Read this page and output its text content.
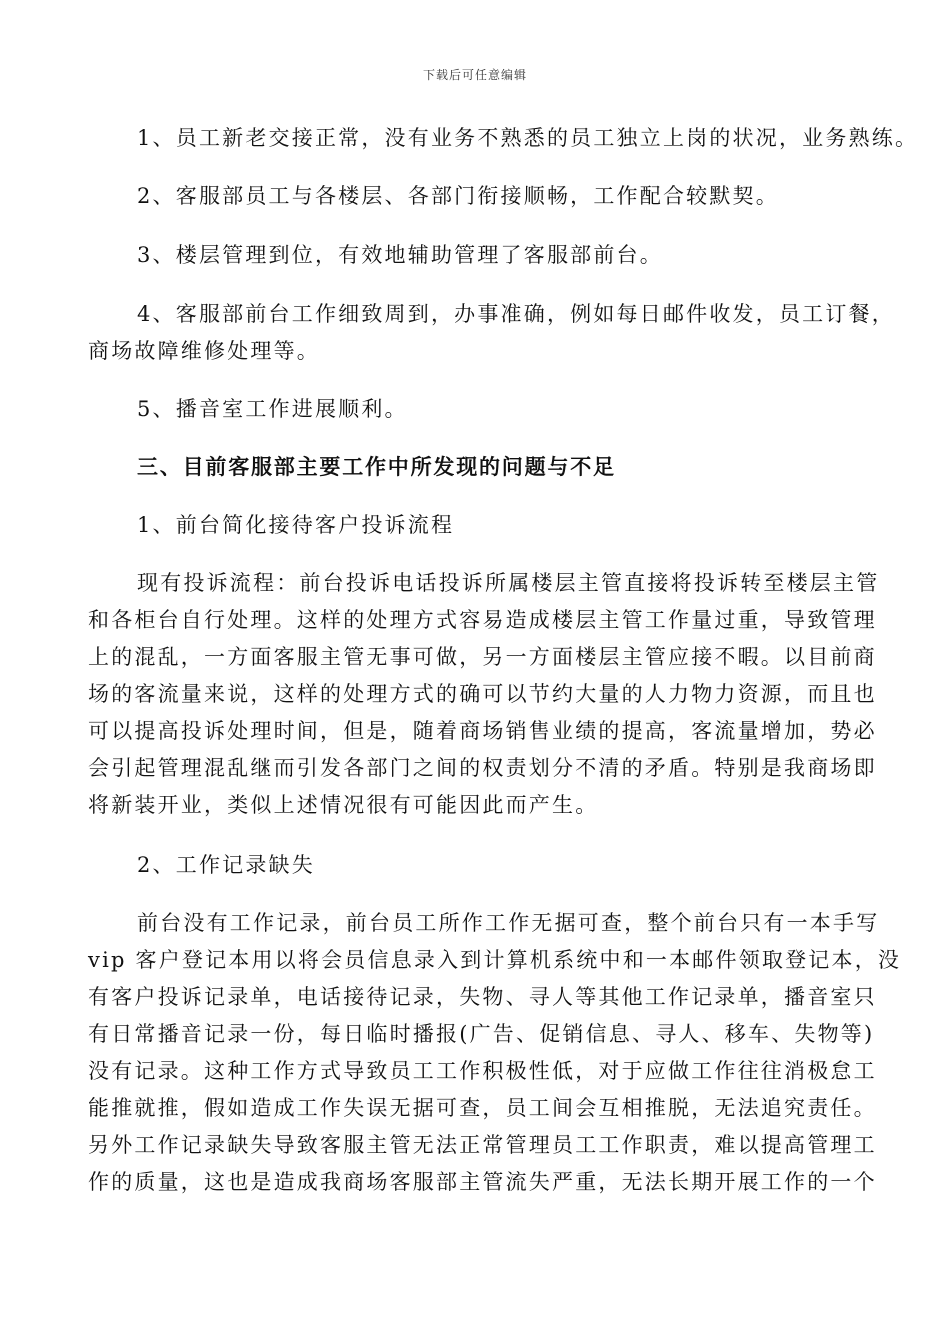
下载后可任意编辑
1、员工新老交接正常，没有业务不熟悉的员工独立上岗的状况，业务熟练。
2、客服部员工与各楼层、各部门衔接顺畅，工作配合较默契。
3、楼层管理到位，有效地辅助管理了客服部前台。
4、客服部前台工作细致周到，办事准确，例如每日邮件收发，员工订餐，
商场故障维修处理等。
5、播音室工作进展顺利。
三、目前客服部主要工作中所发现的问题与不足
1、前台简化接待客户投诉流程
现有投诉流程：前台投诉电话投诉所属楼层主管直接将投诉转至楼层主管
和各柜台自行处理。这样的处理方式容易造成楼层主管工作量过重，导致管理
上的混乱，一方面客服主管无事可做，另一方面楼层主管应接不暇。以目前商
场的客流量来说，这样的处理方式的确可以节约大量的人力物力资源，而且也
可以提高投诉处理时间，但是，随着商场销售业绩的提高，客流量增加，势必
会引起管理混乱继而引发各部门之间的权责划分不清的矛盾。特别是我商场即
将新装开业，类似上述情况很有可能因此而产生。
2、工作记录缺失
前台没有工作记录，前台员工所作工作无据可查，整个前台只有一本手写
vip 客户登记本用以将会员信息录入到计算机系统中和一本邮件领取登记本，没
有客户投诉记录单，电话接待记录，失物、寻人等其他工作记录单，播音室只
有日常播音记录一份，每日临时播报(广告、促销信息、寻人、移车、失物等)
没有记录。这种工作方式导致员工工作积极性低，对于应做工作往往消极怠工
能推就推，假如造成工作失误无据可查，员工间会互相推脱，无法追究责任。
另外工作记录缺失导致客服主管无法正常管理员工工作职责，难以提高管理工
作的质量，这也是造成我商场客服部主管流失严重，无法长期开展工作的一个
